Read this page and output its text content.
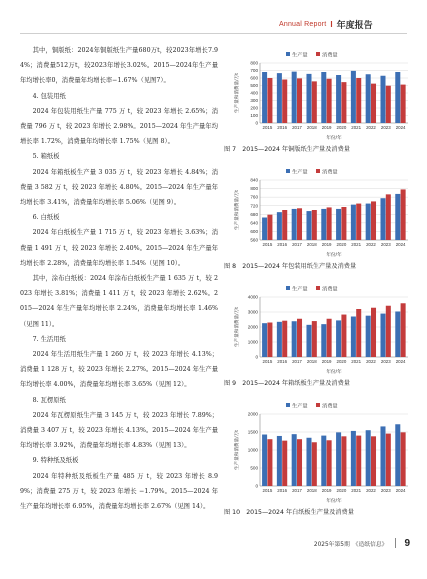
Annual Report I 年度报告

其中，铜版纸：2024年铜版纸生产量680万t，较2023年增长7.94%；消费量512万t，较2023年增长3.02%。2015—2024年生产量年均增长率0，消费量年均增长率−1.67%（见图7）。

4. 包装用纸

2024 年包装用纸生产量 775 万 t，较 2023 年增长 2.65%；消费量 796 万 t，较 2023 年增长 2.98%。2015—2024 年生产量年均增长率 1.72%，消费量年均增长率 1.75%（见图 8）。

5. 箱纸板

2024 年箱纸板生产量 3 035 万 t，较 2023 年增长 4.84%；消费量 3 582 万 t，较 2023 年增长 4.80%。2015—2024 年生产量年均增长率 3.41%，消费量年均增长率 5.06%（见图 9）。

6. 白纸板

2024 年白纸板生产量 1 715 万 t，较 2023 年增长 3.63%；消费量 1 491 万 t，较 2023 年增长 2.40%。2015—2024 年生产量年均增长率 2.28%，消费量年均增长率 1.54%（见图 10）。

其中，涂布白纸板：2024 年涂布白纸板生产量 1 635 万 t，较 2023 年增长 3.81%；消费量 1 411 万 t，较 2023 年增长 2.62%。2015—2024 年生产量年均增长率 2.24%，消费量年均增长率 1.46%（见图 11）。

7. 生活用纸

2024 年生活用纸生产量 1 260 万 t，较 2023 年增长 4.13%；消费量 1 128 万 t，较 2023 年增长 2.27%。2015—2024 年生产量年均增长率 4.00%，消费量年均增长率 3.65%（见图 12）。

8. 瓦楞原纸

2024 年瓦楞原纸生产量 3 145 万 t，较 2023 年增长 7.89%；消费量 3 407 万 t，较 2023 年增长 4.13%。2015—2024 年生产量年均增长率 3.92%，消费量年均增长率 4.83%（见图 13）。

9. 特种纸及纸板

2024 年特种纸及纸板生产量 485 万 t，较 2023 年增长 8.99%；消费量 275 万 t，较 2023 年增长 −1.79%。2015—2024 年生产量年均增长率 6.95%，消费量年均增长率 2.67%（见图 14）。

生产量	消费量
0
100
200
300
400
500
600
700
800
生产量和消费量/万t
2015 2016 2017 2018 2019 2020 2021 2022 2023 2024
年份/年
图 7　2015—2024 年铜版纸生产量及消费量
生产量	消费量
560
600
640
680
720
760
800
840
生产量和消费量/万t
2015 2016 2017 2018 2019 2020 2021 2022 2023 2024
年份/年
图 8　2015—2024 年包装用纸生产量及消费量
生产量	消费量
0
1000
2000
3000
4000
生产量和消费量/万t
2015 2016 2017 2018 2019 2020 2021 2022 2023 2024
年份/年
图 9　2015—2024 年箱纸板生产量及消费量
生产量	消费量
0
500
1000
1500
2000
生产量和消费量/万t
2015 2016 2017 2018 2019 2020 2021 2022 2023 2024
年份/年
图 10　2015—2024 年白纸板生产量及消费量
2025年第5期　《造纸信息》 9
